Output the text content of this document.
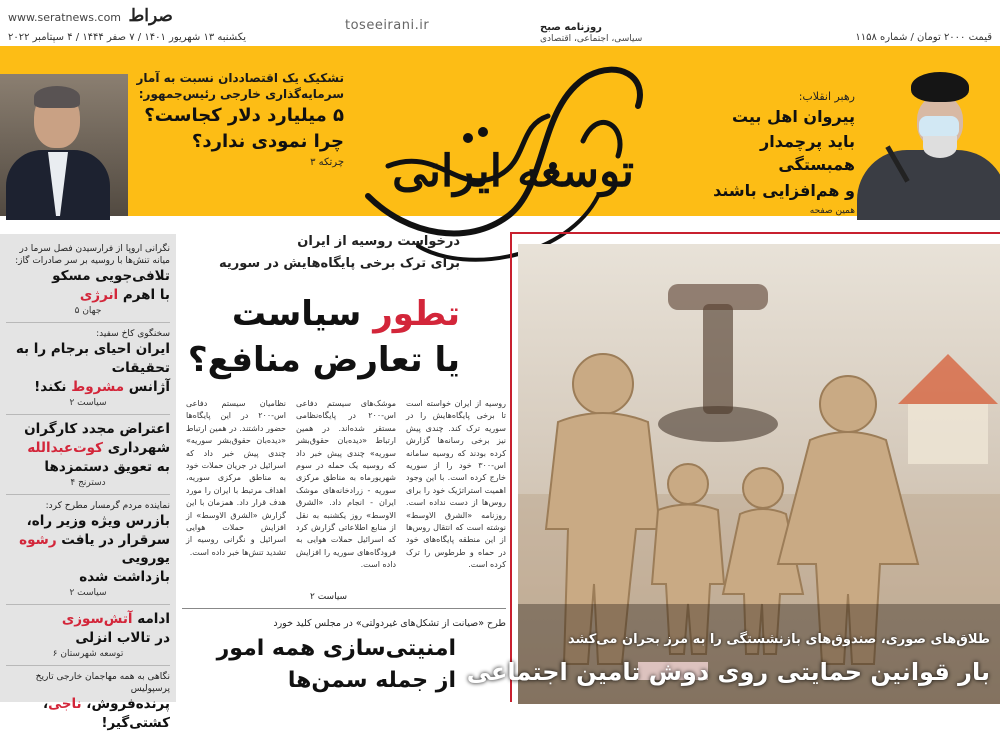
www.seratnews.com صراط	toseeirani.ir	روزنامه صبح
سیاسی، اجتماعی، اقتصادی
یکشنبه ۱۳ شهریور ۱۴۰۱ / ۷ صفر ۱۴۴۴ / ۴ سپتامبر ۲۰۲۲	قیمت ۲۰۰۰ تومان / شماره ۱۱۵۸
تشکیک یک اقتصاددان نسبت به آمار سرمایه‌گذاری خارجی رئیس‌جمهور:
۵ میلیارد دلار کجاست؟
چرا نمودی ندارد؟
چرتکه ۳ توسعه ایرانی
رهبر انقلاب:
پیروان اهل بیت
باید پرچمدار همبستگی
و هم‌افزایی باشند
همین صفحه
نگرانی اروپا از فرارسیدن فصل سرما در میانه تنش‌ها با روسیه بر سر صادرات گاز:
تلافی‌جویی مسکو
با اهرم انرژی
جهان ۵
سخنگوی کاخ سفید:
ایران احیای برجام را به تحقیقات
آژانس مشروط نکند!
سیاست ۲
اعتراض مجدد کارگران
شهرداری کوت‌عبدالله
به تعویق دستمزدها
دسترنج ۴
نماینده مردم گرمسار مطرح کرد:
بازرس ویژه وزیر راه،
سرقرار در یافت رشوه یورویی
بازداشت شده
سیاست ۲
ادامه آتش‌سوزی
در تالاب انزلی
توسعه شهرستان ۶
نگاهی به همه مهاجمان خارجی تاریخ پرسپولیس
پرنده‌فروش، ناجی، کشتی‌گیر!
درخواست روسیه از ایران
برای ترک برخی پایگاه‌هایش در سوریه
تطور سیاست
یا تعارض منافع؟
روسیه از ایران خواسته است تا برخی پایگاه‌هایش را در سوریه ترک کند. چندی پیش نیز برخی رسانه‌ها گزارش کرده بودند که روسیه سامانه اس-۳۰۰ خود را از سوریه خارج کرده است. با این وجود اهمیت استراتژیک خود را برای روس‌ها از دست نداده است. روزنامه «الشرق الاوسط» نوشته است که انتقال روس‌ها از این منطقه پایگاه‌های خود در حماه و طرطوس را ترک کرده است.
موشک‌های سیستم دفاعی اس-۲۰۰ در پایگاه‌نظامی مستقر شده‌اند. در همین ارتباط «دیده‌بان حقوق‌بشر سوریه» چندی پیش خبر داد که روسیه یک حمله در سوم شهریورماه به مناطق مرکزی سوریه - زرادخانه‌های موشک ایران - انجام داد. «الشرق الاوسط» روز یکشنبه به نقل از منابع اطلاعاتی گزارش کرد که اسرائیل حملات هوایی به فرودگاه‌های سوریه را افزایش داده است.
نظامیان سیستم دفاعی اس-۲۰۰ در این پایگاه‌ها حضور داشتند. در همین ارتباط «دیده‌بان حقوق‌بشر سوریه» چندی پیش خبر داد که اسرائیل در جریان حملات خود به مناطق مرکزی سوریه، اهداف مرتبط با ایران را مورد هدف قرار داد. همزمان با این گزارش «الشرق الاوسط» از افزایش حملات هوایی اسرائیل و نگرانی روسیه از تشدید تنش‌ها خبر داده است.
سیاست ۲
طرح «صیانت از تشکل‌های غیردولتی» در مجلس کلید خورد
امنیتی‌سازی همه امور
از جمله سمن‌ها
طلاق‌های صوری، صندوق‌های بازنشستگی را به مرز بحران می‌کشد
بار قوانین حمایتی روی دوش تامین اجتماعی
